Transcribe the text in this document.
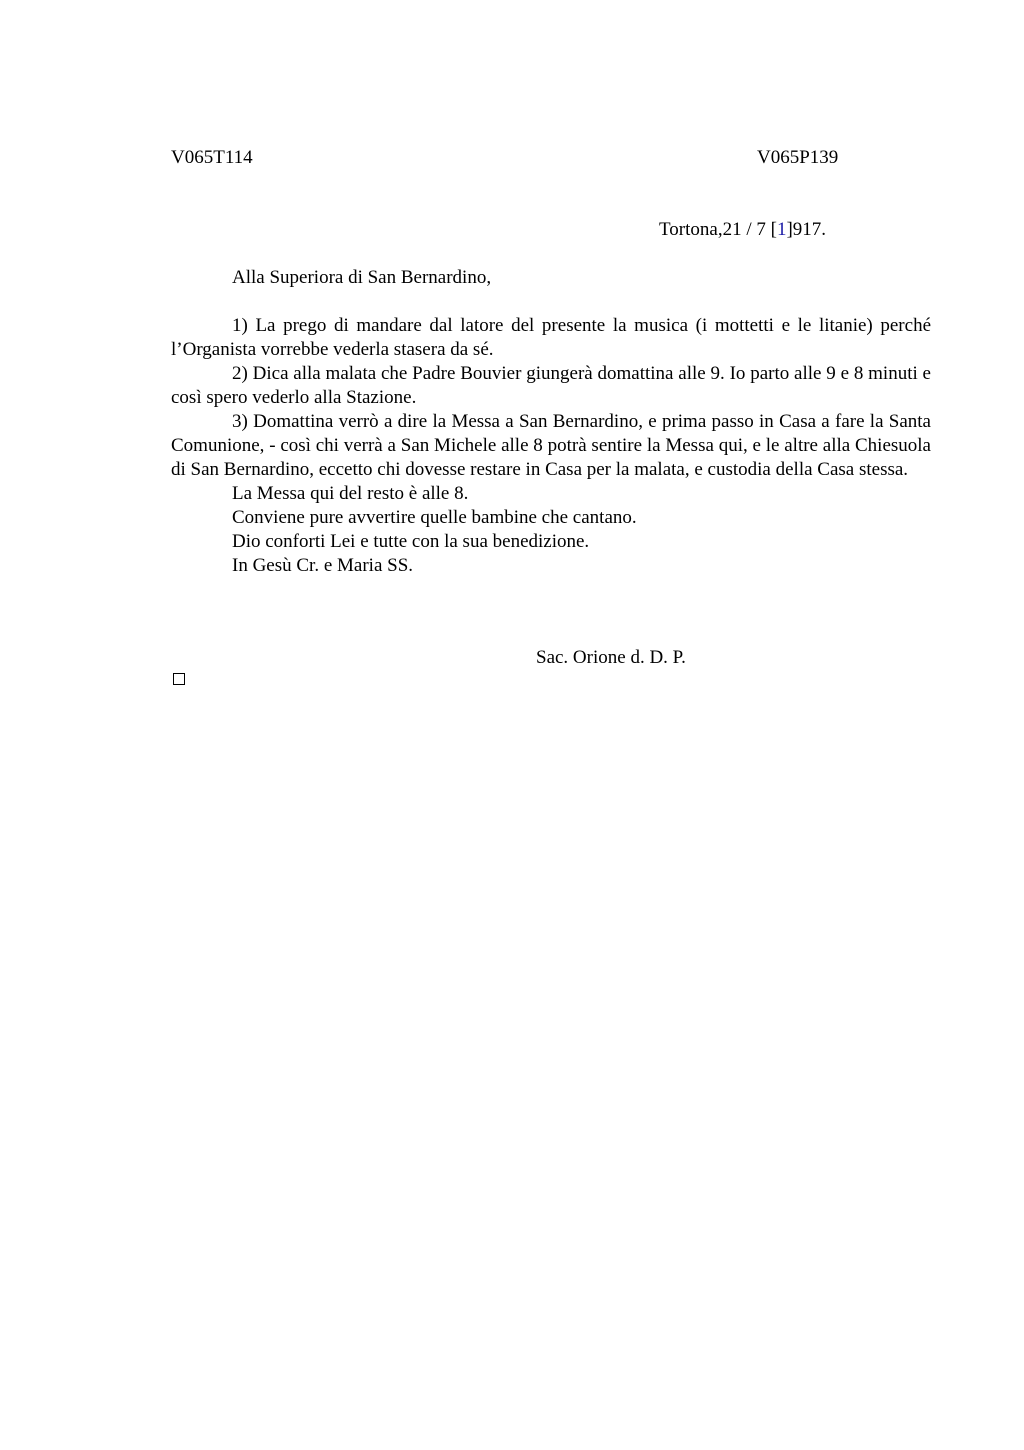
V065T114	V065P139
Tortona,21 / 7 [1]917.
Alla Superiora di San Bernardino,

1) La prego di mandare dal latore del presente la musica (i mottetti e le litanie) perché l’Organista vorrebbe vederla stasera da sé.

2) Dica alla malata che Padre Bouvier giungerà domattina alle 9. Io parto alle 9 e 8 minuti e così spero vederlo alla Stazione.

3) Domattina verrò a dire la Messa a San Bernardino, e prima passo in Casa a fare la Santa Comunione, - così chi verrà a San Michele alle 8 potrà sentire la Messa qui, e le altre alla Chiesuola di San Bernardino, eccetto chi dovesse restare in Casa per la malata, e custodia della Casa stessa.

La Messa qui del resto è alle 8.

Conviene pure avvertire quelle bambine che cantano.

Dio conforti Lei e tutte con la sua benedizione.

In Gesù Cr. e Maria SS.

Sac. Orione d. D. P.
